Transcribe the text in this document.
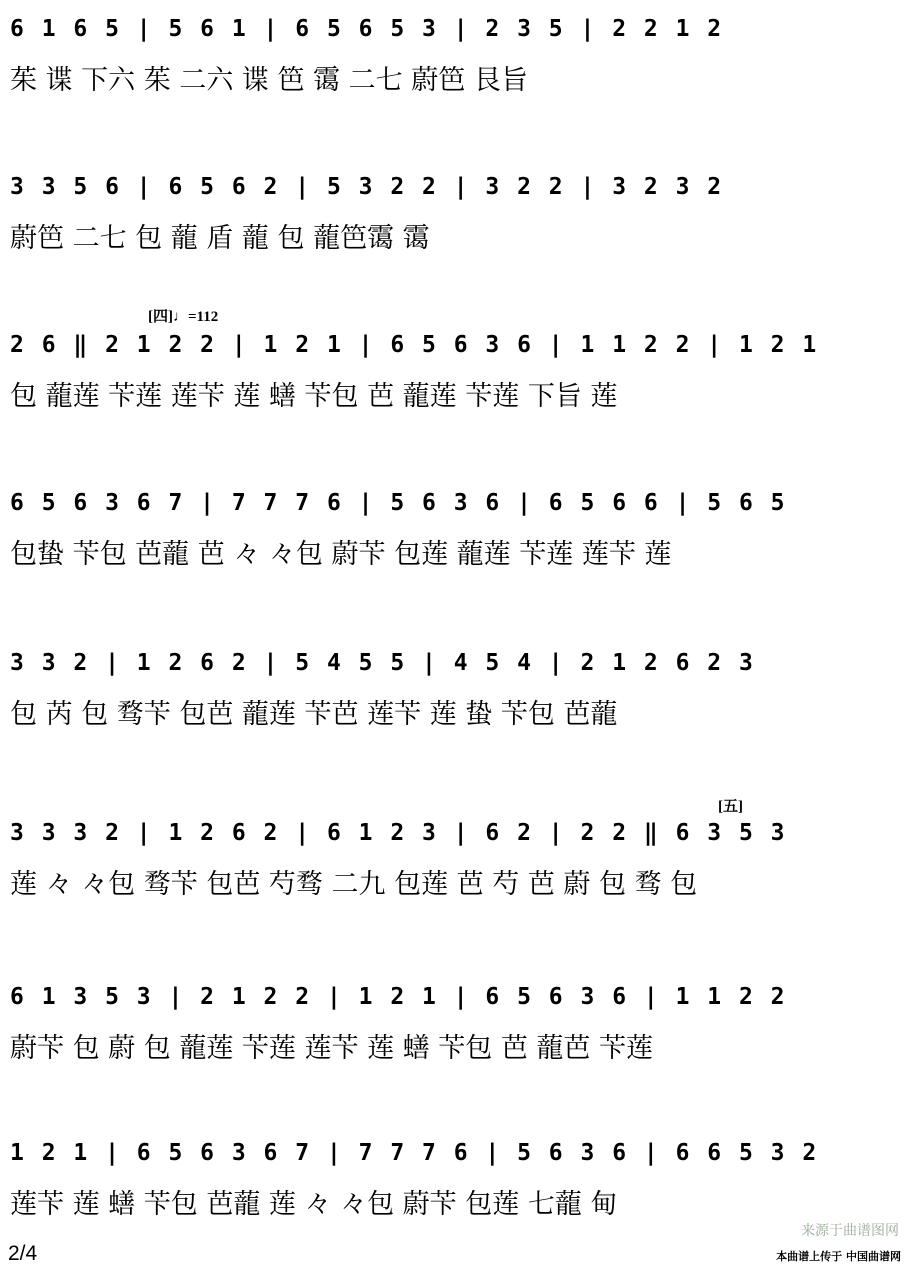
6 1 6 5 | 5 6 1 | 6 5 6 5 3 | 2 3 5 | 2 2 1 2
茱 谍 下六 茱 二六 谍 笆 霭 二七 蔚笆 艮旨
3 3 5 6 | 6 5 6 2 | 5 3 2 2 | 3 2 2 | 3 2 3 2
蔚笆 二七 包 蘢 盾 蘢 包 蘢笆霭 霭
[四]♩=112
2 6 ‖ 2 1 2 2 | 1 2 1 | 6 5 6 3 6 | 1 1 2 2 | 1 2 1
包 蘢莲 苄莲 莲苄 莲 蟮 苄包 芭 蘢莲 苄莲 下旨 莲
6 5 6 3 6 7 | 7 7 7 6 | 5 6 3 6 | 6 5 6 6 | 5 6 5
包蛰 苄包 芭蘢 芭 々 々包 蔚苄 包莲 蘢莲 苄莲 莲苄 莲
3 3 2 | 1 2 6 2 | 5 4 5 5 | 4 5 4 | 2 1 2 6 2 3
包 芮 包 骛苄 包芭 蘢莲 苄芭 莲苄 莲 蛰 苄包 芭蘢
[五]
3 3 3 2 | 1 2 6 2 | 6 1 2 3 | 6 2 | 2 2 ‖ 6 3 5 3
莲 々 々包 骛苄 包芭 芍骛 二九 包莲 芭 芍 芭 蔚 包 骛 包
6 1 3 5 3 | 2 1 2 2 | 1 2 1 | 6 5 6 3 6 | 1 1 2 2
蔚苄 包 蔚 包 蘢莲 苄莲 莲苄 莲 蟮 苄包 芭 蘢芭 苄莲
1 2 1 | 6 5 6 3 6 7 | 7 7 7 6 | 5 6 3 6 | 6 6 5 3 2
莲苄 莲 蟮 苄包 芭蘢 莲 々 々包 蔚苄 包莲 七蘢 甸
来源于曲谱图网
2/4	本曲谱上传于 中国曲谱网
